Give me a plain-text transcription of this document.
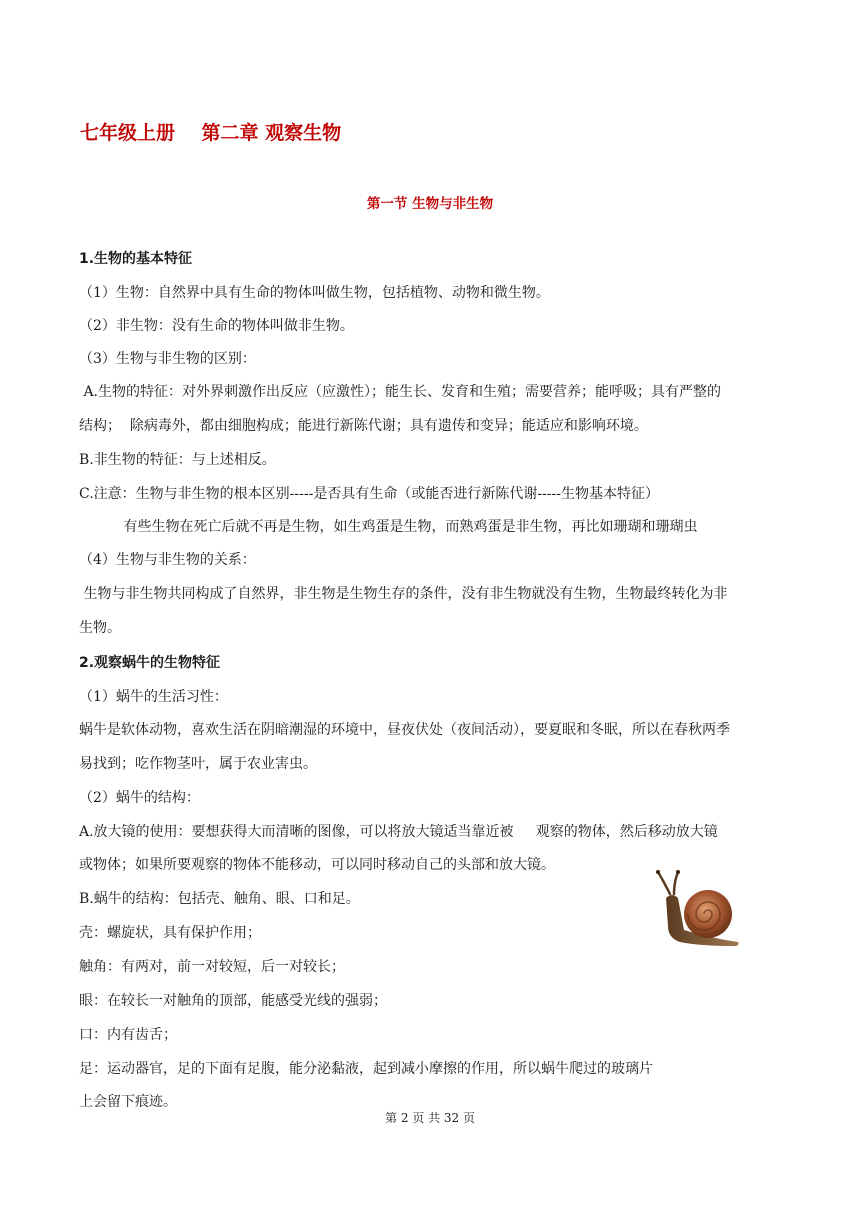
七年级上册    第二章 观察生物
第一节 生物与非生物
1.生物的基本特征
（1）生物：自然界中具有生命的物体叫做生物，包括植物、动物和微生物。
（2）非生物：没有生命的物体叫做非生物。
（3）生物与非生物的区别：
A.生物的特征：对外界刺激作出反应（应激性）；能生长、发育和生殖；需要营养；能呼吸；具有严整的
结构；  除病毒外，都由细胞构成；能进行新陈代谢；具有遗传和变异；能适应和影响环境。
B.非生物的特征：与上述相反。
C.注意：生物与非生物的根本区别-----是否具有生命（或能否进行新陈代谢-----生物基本特征）
有些生物在死亡后就不再是生物，如生鸡蛋是生物，而熟鸡蛋是非生物，再比如珊瑚和珊瑚虫
（4）生物与非生物的关系：
生物与非生物共同构成了自然界，非生物是生物生存的条件，没有非生物就没有生物，生物最终转化为非
生物。
2.观察蜗牛的生物特征
（1）蜗牛的生活习性：
蜗牛是软体动物，喜欢生活在阴暗潮湿的环境中，昼夜伏处（夜间活动），要夏眠和冬眠，所以在春秋两季
易找到；吃作物茎叶，属于农业害虫。
（2）蜗牛的结构：
A.放大镜的使用：要想获得大而清晰的图像，可以将放大镜适当靠近被     观察的物体，然后移动放大镜
或物体；如果所要观察的物体不能移动，可以同时移动自己的头部和放大镜。
B.蜗牛的结构：包括壳、触角、眼、口和足。
壳：螺旋状，具有保护作用；
触角：有两对，前一对较短，后一对较长；
眼：在较长一对触角的顶部，能感受光线的强弱；
口：内有齿舌；
足：运动器官，足的下面有足腹，能分泌黏液，起到减小摩擦的作用，所以蜗牛爬过的玻璃片
上会留下痕迹。
第 2 页 共 32 页
